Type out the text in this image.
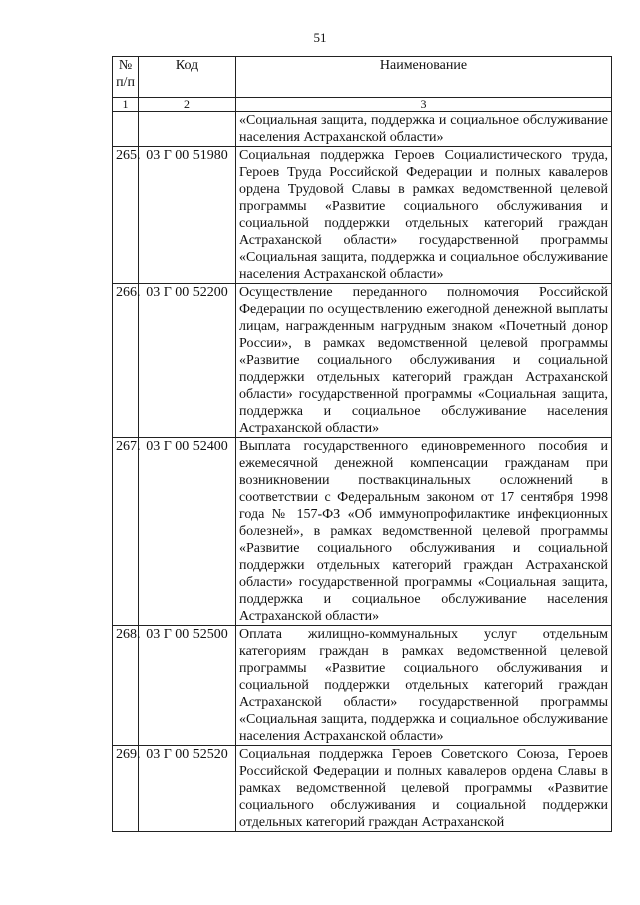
51
№
п/п	Код	Наименование
1	2	3
		«Социальная защита, поддержка и социальное обслуживание населения Астраханской области»
265.	03 Г 00 51980	Социальная поддержка Героев Социалистического труда, Героев Труда Российской Федерации и полных кавалеров ордена Трудовой Славы в рамках ведомственной целевой программы «Развитие социального обслуживания и социальной поддержки отдельных категорий граждан Астраханской области» государственной программы «Социальная защита, поддержка и социальное обслуживание населения Астраханской области»
266.	03 Г 00 52200	Осуществление переданного полномочия Российской Федерации по осуществлению ежегодной денежной выплаты лицам, награжденным нагрудным знаком «Почетный донор России», в рамках ведомственной целевой программы «Развитие социального обслуживания и социальной поддержки отдельных категорий граждан Астраханской области» государственной программы «Социальная защита, поддержка и социальное обслуживание населения Астраханской области»
267.	03 Г 00 52400	Выплата государственного единовременного пособия и ежемесячной денежной компенсации гражданам при возникновении поствакцинальных осложнений в соответствии с Федеральным законом от 17 сентября 1998 года № 157-ФЗ «Об иммунопрофилактике инфекционных болезней», в рамках ведомственной целевой программы «Развитие социального обслуживания и социальной поддержки отдельных категорий граждан Астраханской области» государственной программы «Социальная защита, поддержка и социальное обслуживание населения Астраханской области»
268.	03 Г 00 52500	Оплата жилищно-коммунальных услуг отдельным категориям граждан в рамках ведомственной целевой программы «Развитие социального обслуживания и социальной поддержки отдельных категорий граждан Астраханской области» государственной программы «Социальная защита, поддержка и социальное обслуживание населения Астраханской области»
269.	03 Г 00 52520	Социальная поддержка Героев Советского Союза, Героев Российской Федерации и полных кавалеров ордена Славы в рамках ведомственной целевой программы «Развитие социального обслуживания и социальной поддержки отдельных категорий граждан Астраханской
